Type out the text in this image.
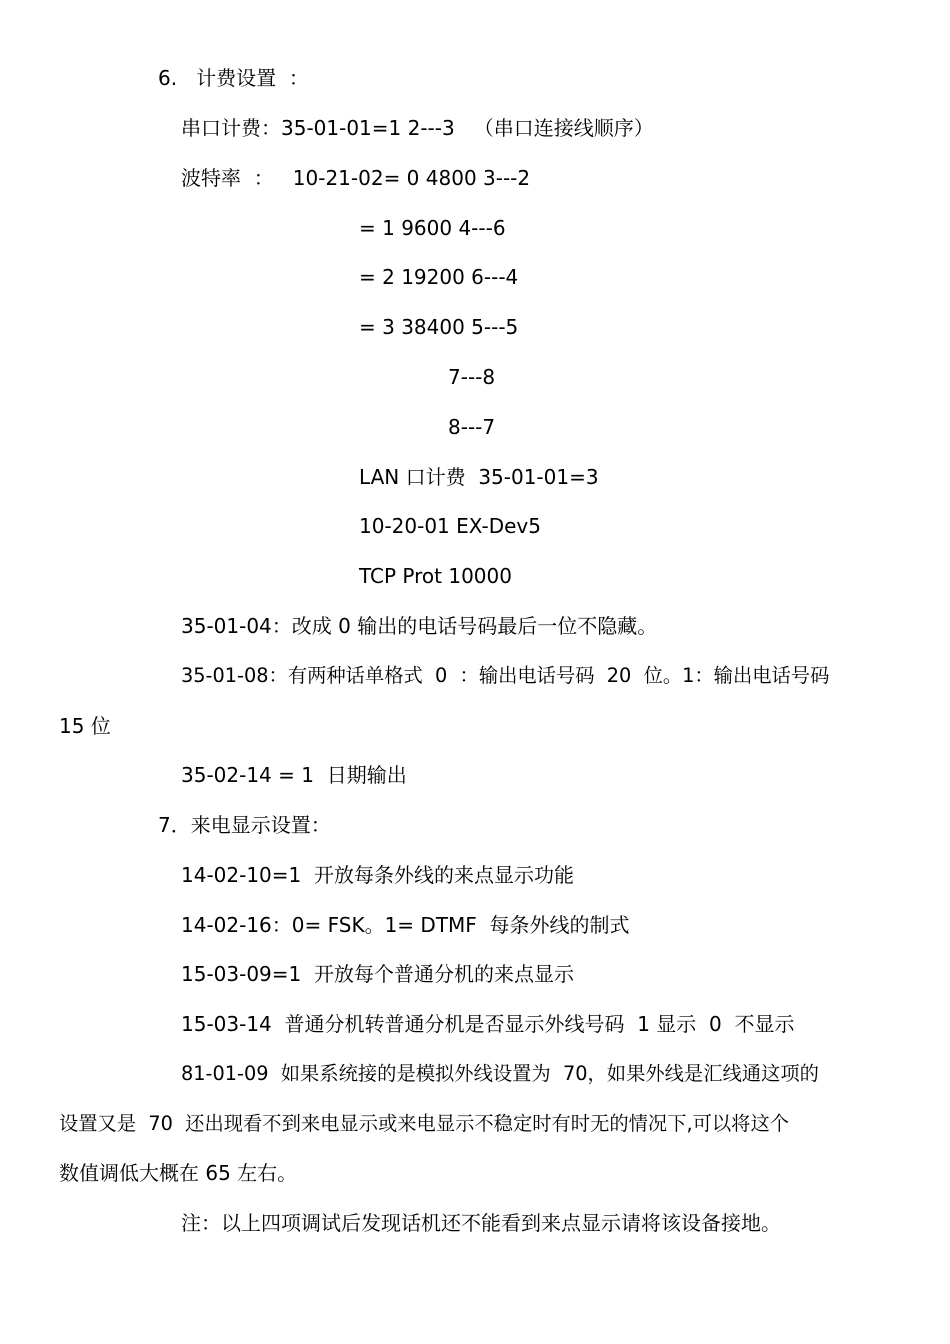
6.   计费设置  ：
串口计费：35-01-01=1 2---3   （串口连接线顺序）
波特率  ：   10-21-02= 0 4800 3---2
= 1 9600 4---6
= 2 19200 6---4
= 3 38400 5---5
7---8
8---7
LAN 口计费  35-01-01=3
10-20-01 EX-Dev5
TCP Prot 10000
35-01-04：改成 0 输出的电话号码最后一位不隐藏。
35-01-08：有两种话单格式  0  ：输出电话号码  20  位。1：输出电话号码
15 位
35-02-14 = 1  日期输出
7．来电显示设置：
14-02-10=1  开放每条外线的来点显示功能
14-02-16：0= FSK。1= DTMF  每条外线的制式
15-03-09=1  开放每个普通分机的来点显示
15-03-14  普通分机转普通分机是否显示外线号码  1 显示  0  不显示
81-01-09  如果系统接的是模拟外线设置为  70，如果外线是汇线通这项的
设置又是  70  还出现看不到来电显示或来电显示不稳定时有时无的情况下,可以将这个
数值调低大概在 65 左右。
注：以上四项调试后发现话机还不能看到来点显示请将该设备接地。
